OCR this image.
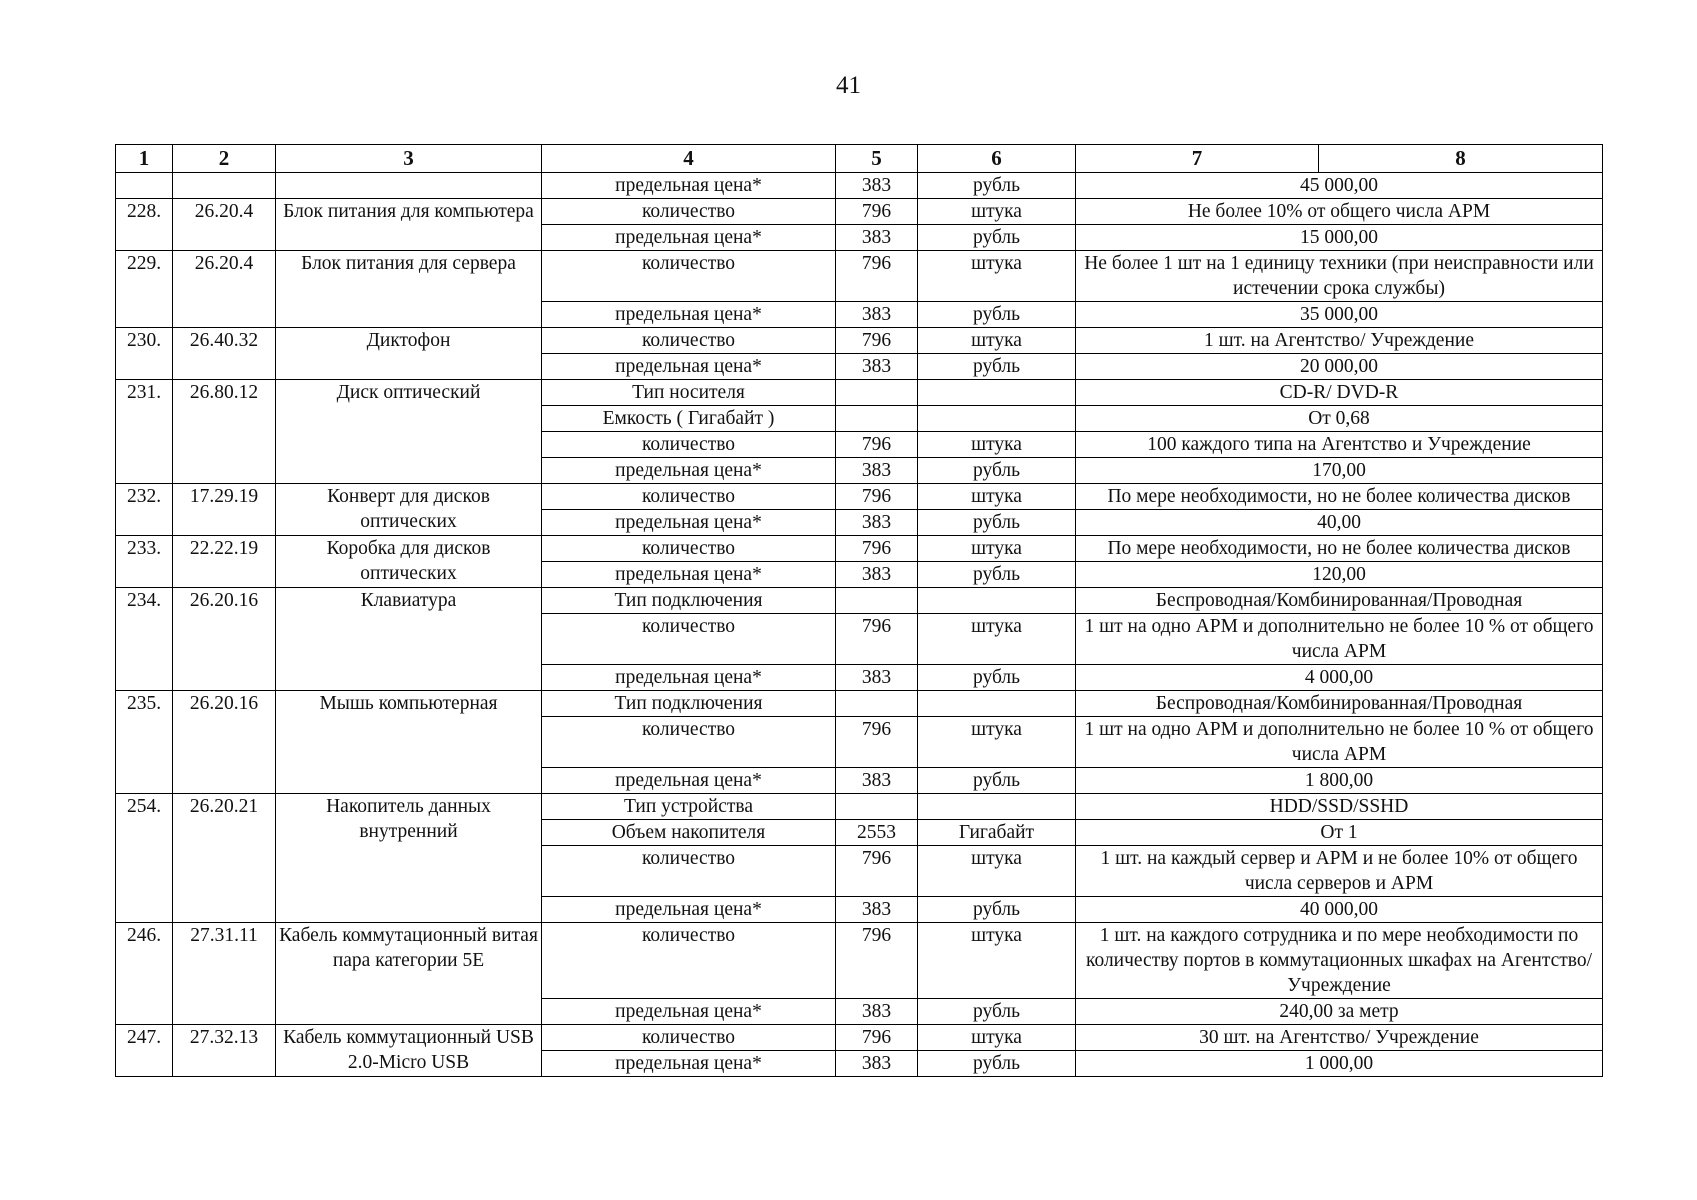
41
1	2	3	4	5	6	7	8
			предельная цена*	383	рубль	45 000,00	
228.	26.20.4	Блок питания для компьютера	количество	796	штука	Не более 10% от общего числа АРМ	
			предельная цена*	383	рубль	15 000,00	
229.	26.20.4	Блок питания для сервера	количество	796	штука	Не более 1 шт на 1 единицу техники (при неисправности или истечении срока службы)	
			предельная цена*	383	рубль	35 000,00	
230.	26.40.32	Диктофон	количество	796	штука	1 шт. на Агентство/ Учреждение	
			предельная цена*	383	рубль	20 000,00	
231.	26.80.12	Диск оптический	Тип носителя			CD-R/ DVD-R	
			Емкость ( Гигабайт )			От 0,68	
			количество	796	штука	100 каждого типа на Агентство и Учреждение	
			предельная цена*	383	рубль	170,00	
232.	17.29.19	Конверт для дисков оптических	количество	796	штука	По мере необходимости, но не более количества дисков	
			предельная цена*	383	рубль	40,00	
233.	22.22.19	Коробка для дисков оптических	количество	796	штука	По мере необходимости, но не более количества дисков	
			предельная цена*	383	рубль	120,00	
234.	26.20.16	Клавиатура	Тип подключения			Беспроводная/Комбинированная/Проводная	
			количество	796	штука	1 шт на одно АРМ и дополнительно не более 10 % от общего числа АРМ	
			предельная цена*	383	рубль	4 000,00	
235.	26.20.16	Мышь компьютерная	Тип подключения			Беспроводная/Комбинированная/Проводная	
			количество	796	штука	1 шт на одно АРМ и дополнительно не более 10 % от общего числа АРМ	
			предельная цена*	383	рубль	1 800,00	
254.	26.20.21	Накопитель данных внутренний	Тип устройства			HDD/SSD/SSHD	
			Объем накопителя	2553	Гигабайт	От 1	
			количество	796	штука	1 шт. на каждый сервер и АРМ и не более 10% от общего числа серверов и АРМ	
			предельная цена*	383	рубль	40 000,00	
246.	27.31.11	Кабель коммутационный витая пара категории 5Е	количество	796	штука	1 шт. на каждого сотрудника и по мере необходимости по количеству портов в коммутационных шкафах на Агентство/ Учреждение	
			предельная цена*	383	рубль	240,00 за метр	
247.	27.32.13	Кабель коммутационный USB 2.0-Micro USB	количество	796	штука	30 шт. на Агентство/ Учреждение	
			предельная цена*	383	рубль	1 000,00	
